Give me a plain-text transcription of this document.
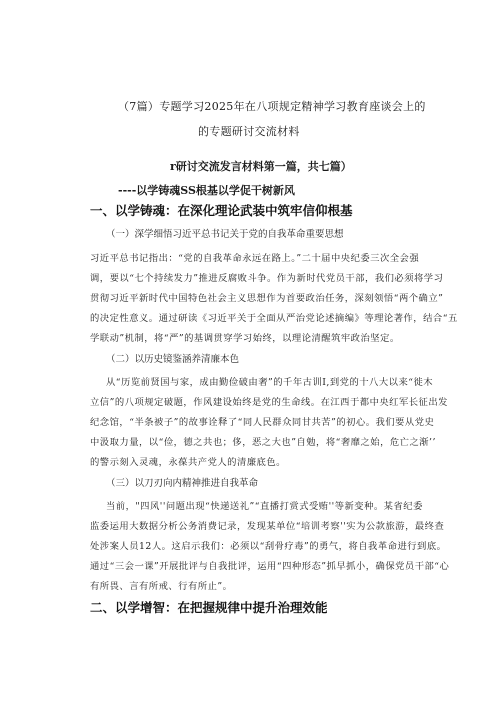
（7篇）专题学习2025年在八项规定精神学习教育座谈会上的
的专题研讨交流材料
r研讨交流发言材料第一篇，共七篇）
----以学铸魂SS根基以学促干树新风
一、以学铸魂：在深化理论武装中筑牢信仰根基
（一）深学细悟习近平总书记关于党的自我革命重要思想
习近平总书记指出：“党的自我革命永远在路上。”二十届中央纪委三次全会强
调，要以“七个持续发力”推进反腐败斗争。作为新时代党员干部，我们必须将学习
贯彻习近平新时代中国特色社会主义思想作为首要政治任务，深刻领悟“两个确立”
的决定性意义。通过研读《习近平关于全面从严治党论述摘编》等理论著作，结合“五
学联动”机制，将“严”的基调贯穿学习始终，以理论清醒筑牢政治坚定。
（二）以历史镜鉴涵养清廉本色
从“历览前贤国与家，成由勤俭破由奢”的千年古训I,到党的十八大以来“徙木
立信”的八项规定破题，作风建设始终是党的生命线。在江西于都中央红军长征出发
纪念馆，“半条被子”的故事诠释了“同人民群众同甘共苦”的初心。我们要从党史
中汲取力量，以“俭，德之共也；侈，恶之大也”自勉，将“奢靡之始，危亡之渐’’
的警示刻入灵魂，永葆共产党人的清廉底色。
（三）以刀刃向内精神推进自我革命
当前，"四风''问题出现“快递送礼”“直播打赏式受贿''等新变种。某省纪委
监委运用大数据分析公务消费记录，发现某单位“培训考察''实为公款旅游，最终查
处涉案人员12人。这启示我们：必须以“刮骨疗毒”的勇气，将自我革命进行到底。
通过“三会一课”开展批评与自我批评，运用“四种形态”抓早抓小，确保党员干部“心
有所畏、言有所戒、行有所止”。
二、以学增智：在把握规律中提升治理效能
